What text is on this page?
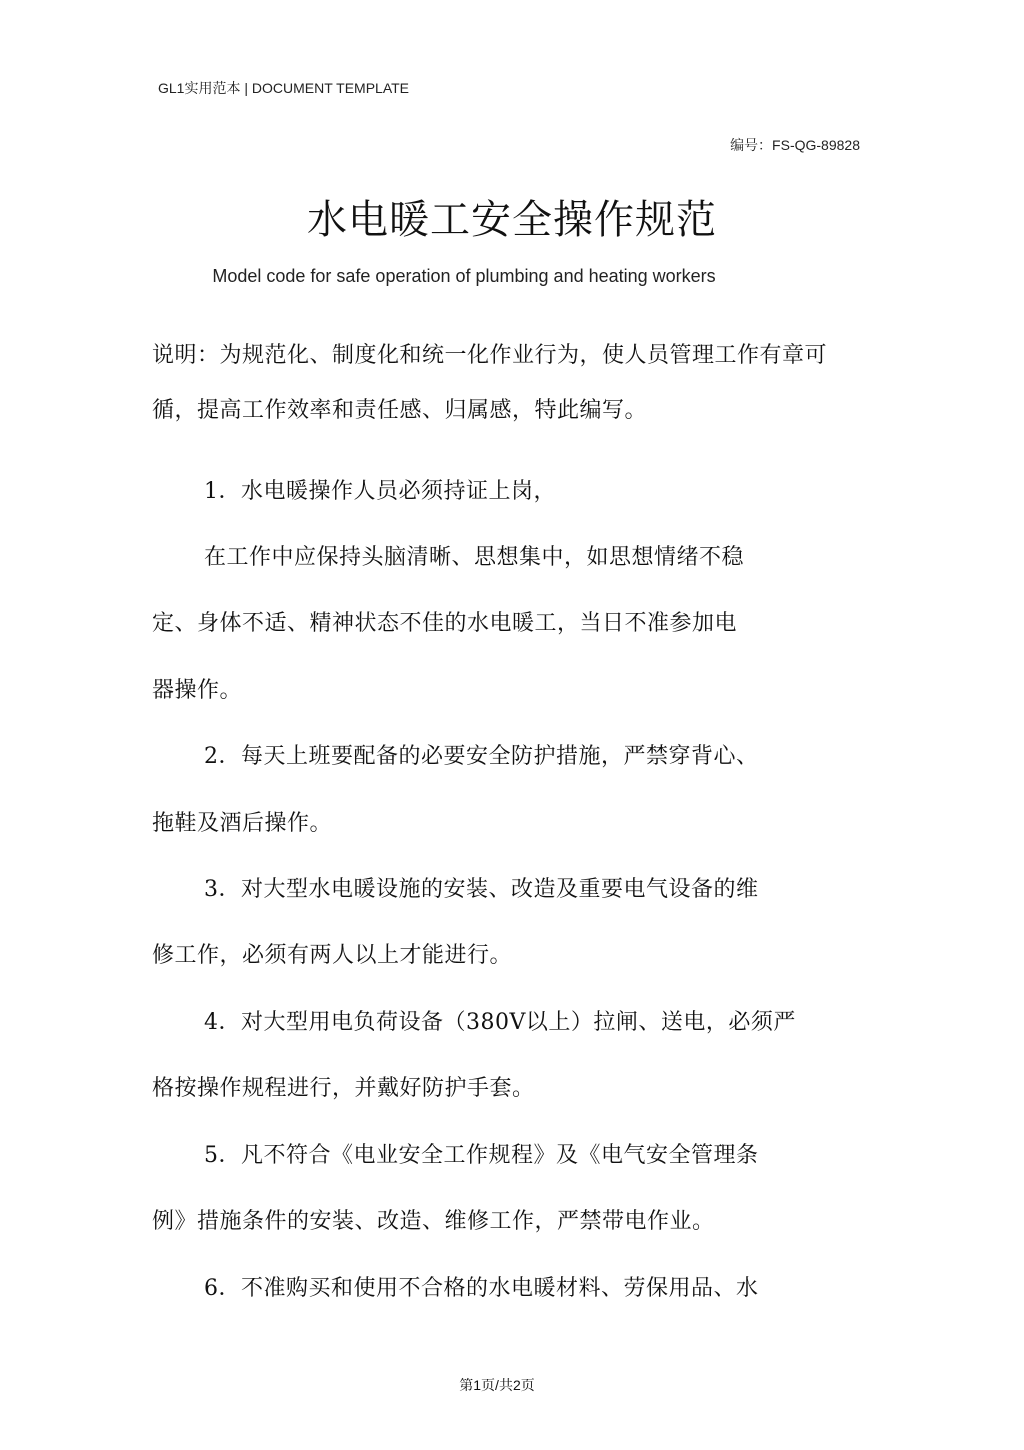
GL1实用范本 | DOCUMENT TEMPLATE
编号：FS-QG-89828
水电暖工安全操作规范
Model code for safe operation of plumbing and heating workers
说明：为规范化、制度化和统一化作业行为，使人员管理工作有章可
循，提高工作效率和责任感、归属感，特此编写。
1．水电暖操作人员必须持证上岗，
在工作中应保持头脑清晰、思想集中，如思想情绪不稳
定、身体不适、精神状态不佳的水电暖工，当日不准参加电
器操作。
2．每天上班要配备的必要安全防护措施，严禁穿背心、
拖鞋及酒后操作。
3．对大型水电暖设施的安装、改造及重要电气设备的维
修工作，必须有两人以上才能进行。
4．对大型用电负荷设备（380V以上）拉闸、送电，必须严
格按操作规程进行，并戴好防护手套。
5．凡不符合《电业安全工作规程》及《电气安全管理条
例》措施条件的安装、改造、维修工作，严禁带电作业。
6．不准购买和使用不合格的水电暖材料、劳保用品、水
第1页/共2页
